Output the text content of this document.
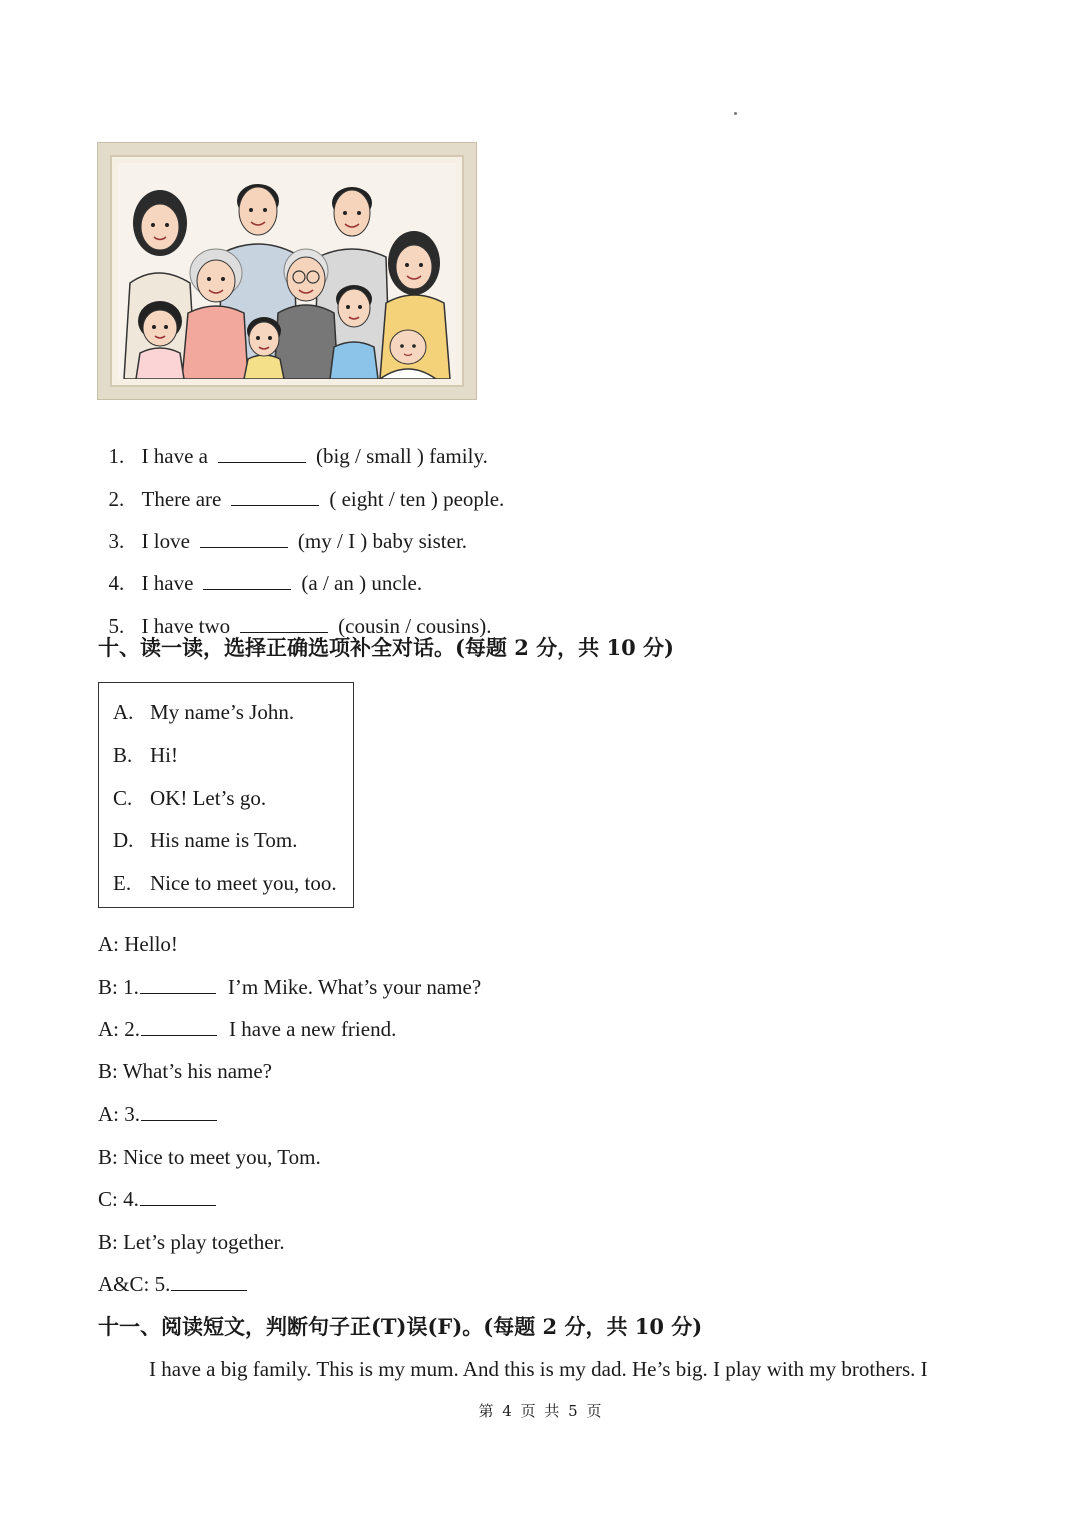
1. I have a	(big / small ) family.

2. There are	( eight / ten ) people.

3. I love	(my / I ) baby sister.

4. I have	(a / an ) uncle.

5. I have two	(cousin / cousins).

十、读一读，选择正确选项补全对话。(每题 2 分，共 10 分)
A. My name’s John.
B. Hi!
C. OK! Let’s go.
D. His name is Tom.
E. Nice to meet you, too.
A: Hello!
B: 1.	I’m Mike. What’s your name?
A: 2.	I have a new friend.
B: What’s his name?
A: 3.
B: Nice to meet you, Tom.
C: 4.
B: Let’s play together.
A&C: 5.
十一、阅读短文，判断句子正(T)误(F)。(每题 2 分，共 10 分)
I have a big family. This is my mum. And this is my dad. He’s big. I play with my brothers. I
第 4 页 共 5 页
